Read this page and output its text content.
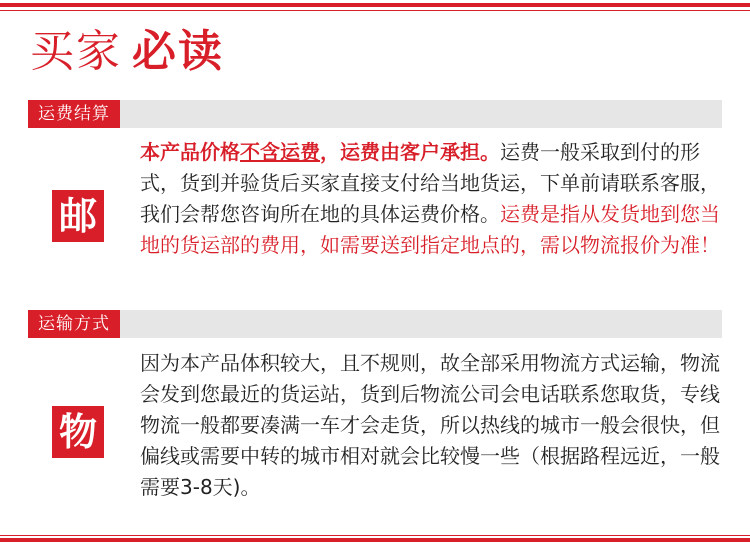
买家 必读
运费结算
邮
本产品价格不含运费，运费由客户承担。运费一般采取到付的形式，货到并验货后买家直接支付给当地货运，下单前请联系客服，我们会帮您咨询所在地的具体运费价格。运费是指从发货地到您当地的货运部的费用，如需要送到指定地点的，需以物流报价为准！
运输方式
物
因为本产品体积较大，且不规则，故全部采用物流方式运输，物流会发到您最近的货运站，货到后物流公司会电话联系您取货，专线物流一般都要凑满一车才会走货，所以热线的城市一般会很快，但偏线或需要中转的城市相对就会比较慢一些（根据路程远近，一般需要3-8天)。
